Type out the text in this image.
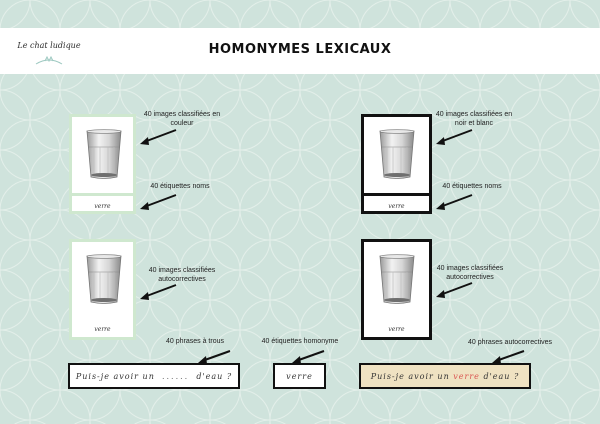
Le chat ludique	HOMONYMES LEXICAUX
verre
40 images classifiées en couleur
40 étiquettes noms
verre
40 images classifiées en noir et blanc
40 étiquettes noms
verre
40 images classifiées autocorrectives
verre
40 images classifiées autocorrectives
40 phrases à trous
Puis-je avoir un
......
d'eau ?
40 étiquettes homonyme
verre
40 phrases autocorrectives
Puis-je avoir un
verre
d'eau ?
